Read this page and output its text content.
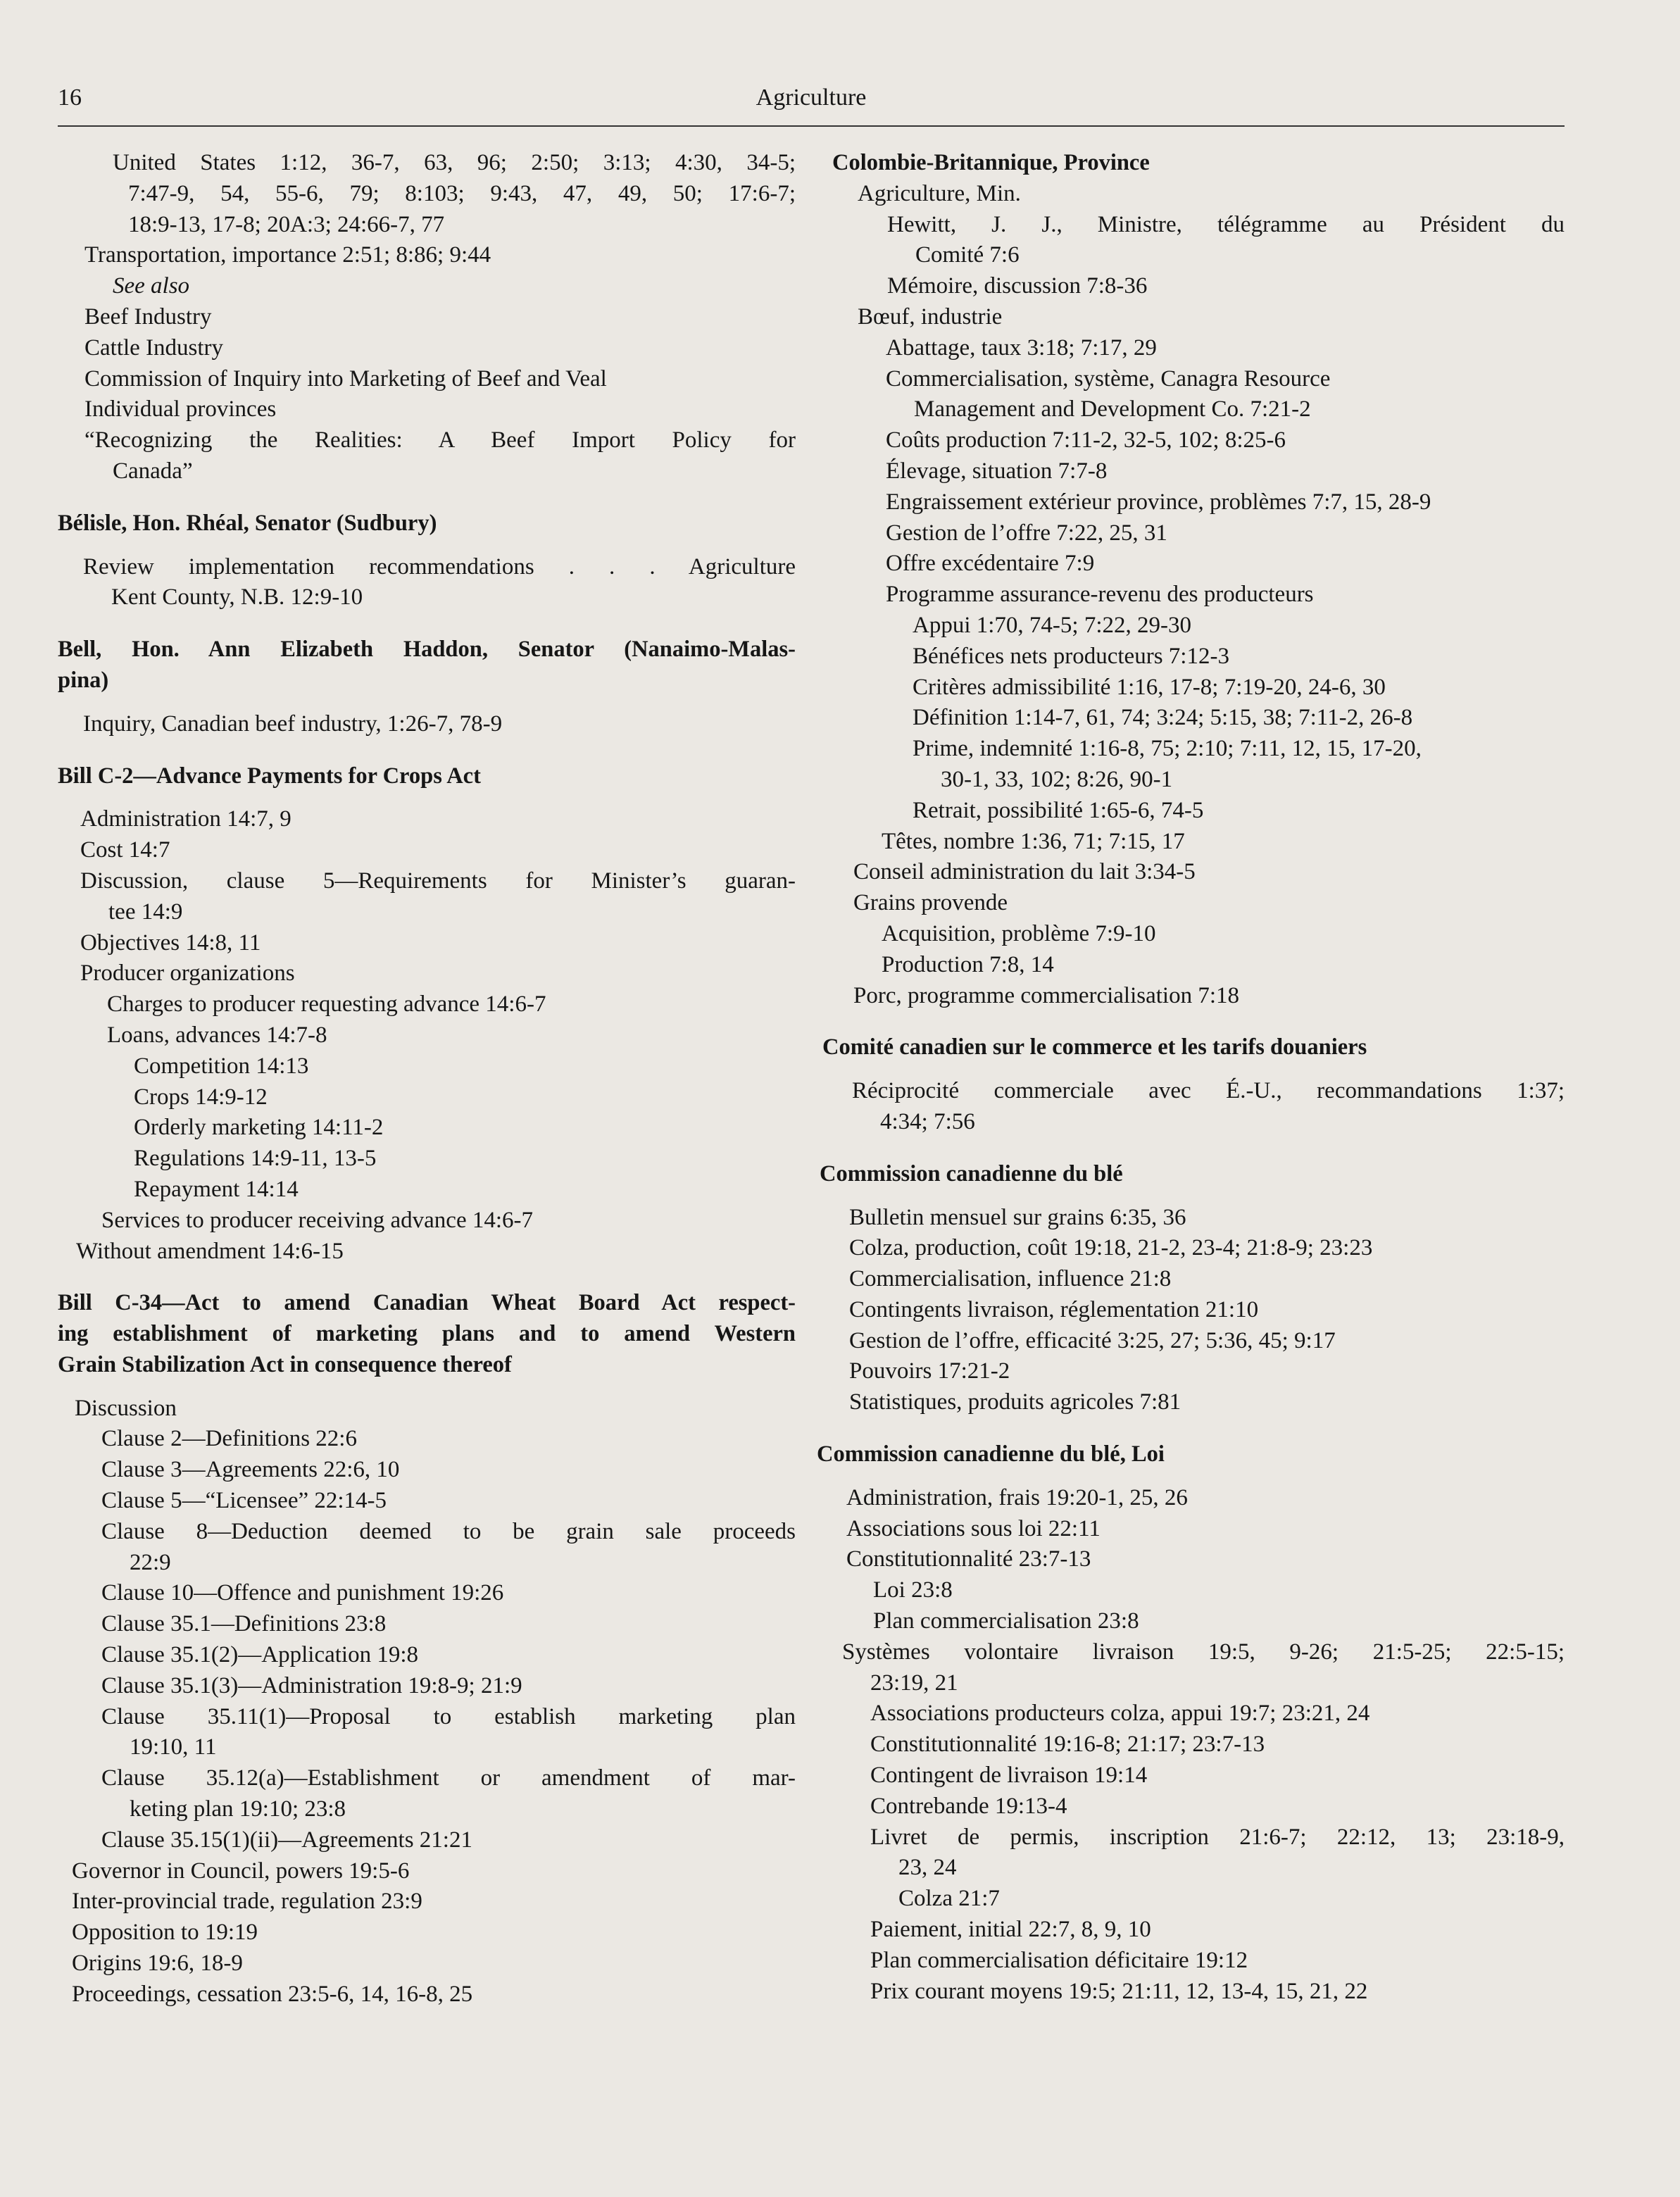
16	Agriculture
United States 1:12, 36-7, 63, 96; 2:50; 3:13; 4:30, 34-5;
7:47-9, 54, 55-6, 79; 8:103; 9:43, 47, 49, 50; 17:6-7;
18:9-13, 17-8; 20A:3; 24:66-7, 77
Transportation, importance 2:51; 8:86; 9:44
See also
Beef Industry
Cattle Industry
Commission of Inquiry into Marketing of Beef and Veal
Individual provinces
“Recognizing the Realities: A Beef Import Policy for
Canada”
Bélisle, Hon. Rhéal, Senator (Sudbury)
Review implementation recommendations . . . Agriculture
Kent County, N.B. 12:9-10
Bell, Hon. Ann Elizabeth Haddon, Senator (Nanaimo-Malas-
pina)
Inquiry, Canadian beef industry, 1:26-7, 78-9
Bill C-2—Advance Payments for Crops Act
Administration 14:7, 9
Cost 14:7
Discussion, clause 5—Requirements for Minister’s guaran-
tee 14:9
Objectives 14:8, 11
Producer organizations
Charges to producer requesting advance 14:6-7
Loans, advances 14:7-8
Competition 14:13
Crops 14:9-12
Orderly marketing 14:11-2
Regulations 14:9-11, 13-5
Repayment 14:14
Services to producer receiving advance 14:6-7
Without amendment 14:6-15
Bill C-34—Act to amend Canadian Wheat Board Act respect-
ing establishment of marketing plans and to amend Western
Grain Stabilization Act in consequence thereof
Discussion
Clause 2—Definitions 22:6
Clause 3—Agreements 22:6, 10
Clause 5—“Licensee” 22:14-5
Clause 8—Deduction deemed to be grain sale proceeds
22:9
Clause 10—Offence and punishment 19:26
Clause 35.1—Definitions 23:8
Clause 35.1(2)—Application 19:8
Clause 35.1(3)—Administration 19:8-9; 21:9
Clause 35.11(1)—Proposal to establish marketing plan
19:10, 11
Clause 35.12(a)—Establishment or amendment of mar-
keting plan 19:10; 23:8
Clause 35.15(1)(ii)—Agreements 21:21
Governor in Council, powers 19:5-6
Inter-provincial trade, regulation 23:9
Opposition to 19:19
Origins 19:6, 18-9
Proceedings, cessation 23:5-6, 14, 16-8, 25
Colombie-Britannique, Province
Agriculture, Min.
Hewitt, J. J., Ministre, télégramme au Président du
Comité 7:6
Mémoire, discussion 7:8-36
Bœuf, industrie
Abattage, taux 3:18; 7:17, 29
Commercialisation, système, Canagra Resource
Management and Development Co. 7:21-2
Coûts production 7:11-2, 32-5, 102; 8:25-6
Élevage, situation 7:7-8
Engraissement extérieur province, problèmes 7:7, 15, 28-9
Gestion de l’offre 7:22, 25, 31
Offre excédentaire 7:9
Programme assurance-revenu des producteurs
Appui 1:70, 74-5; 7:22, 29-30
Bénéfices nets producteurs 7:12-3
Critères admissibilité 1:16, 17-8; 7:19-20, 24-6, 30
Définition 1:14-7, 61, 74; 3:24; 5:15, 38; 7:11-2, 26-8
Prime, indemnité 1:16-8, 75; 2:10; 7:11, 12, 15, 17-20,
30-1, 33, 102; 8:26, 90-1
Retrait, possibilité 1:65-6, 74-5
Têtes, nombre 1:36, 71; 7:15, 17
Conseil administration du lait 3:34-5
Grains provende
Acquisition, problème 7:9-10
Production 7:8, 14
Porc, programme commercialisation 7:18
Comité canadien sur le commerce et les tarifs douaniers
Réciprocité commerciale avec É.-U., recommandations 1:37;
4:34; 7:56
Commission canadienne du blé
Bulletin mensuel sur grains 6:35, 36
Colza, production, coût 19:18, 21-2, 23-4; 21:8-9; 23:23
Commercialisation, influence 21:8
Contingents livraison, réglementation 21:10
Gestion de l’offre, efficacité 3:25, 27; 5:36, 45; 9:17
Pouvoirs 17:21-2
Statistiques, produits agricoles 7:81
Commission canadienne du blé, Loi
Administration, frais 19:20-1, 25, 26
Associations sous loi 22:11
Constitutionnalité 23:7-13
Loi 23:8
Plan commercialisation 23:8
Systèmes volontaire livraison 19:5, 9-26; 21:5-25; 22:5-15;
23:19, 21
Associations producteurs colza, appui 19:7; 23:21, 24
Constitutionnalité 19:16-8; 21:17; 23:7-13
Contingent de livraison 19:14
Contrebande 19:13-4
Livret de permis, inscription 21:6-7; 22:12, 13; 23:18-9,
23, 24
Colza 21:7
Paiement, initial 22:7, 8, 9, 10
Plan commercialisation déficitaire 19:12
Prix courant moyens 19:5; 21:11, 12, 13-4, 15, 21, 22
